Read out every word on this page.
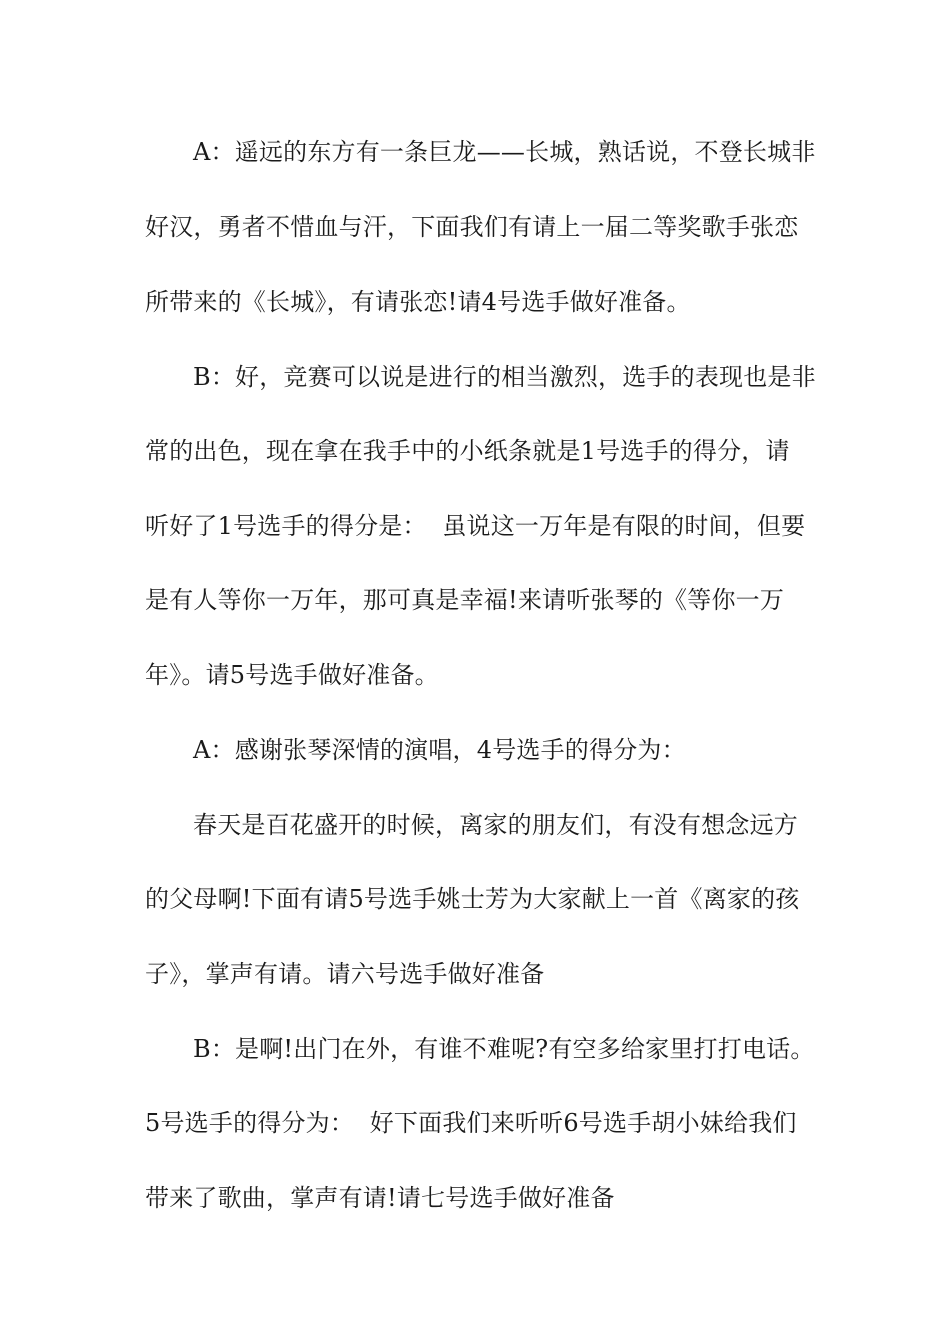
A：遥远的东方有一条巨龙——长城，熟话说，不登长城非
好汉，勇者不惜血与汗，下面我们有请上一届二等奖歌手张恋
所带来的《长城》，有请张恋!请4号选手做好准备。
B：好，竞赛可以说是进行的相当激烈，选手的表现也是非
常的出色，现在拿在我手中的小纸条就是1号选手的得分，请
听好了1号选手的得分是：  虽说这一万年是有限的时间，但要
是有人等你一万年，那可真是幸福!来请听张琴的《等你一万
年》。请5号选手做好准备。
A：感谢张琴深情的演唱，4号选手的得分为：
春天是百花盛开的时候，离家的朋友们，有没有想念远方
的父母啊!下面有请5号选手姚士芳为大家献上一首《离家的孩
子》，掌声有请。请六号选手做好准备
B：是啊!出门在外，有谁不难呢?有空多给家里打打电话。
5号选手的得分为：  好下面我们来听听6号选手胡小妹给我们
带来了歌曲，掌声有请!请七号选手做好准备
